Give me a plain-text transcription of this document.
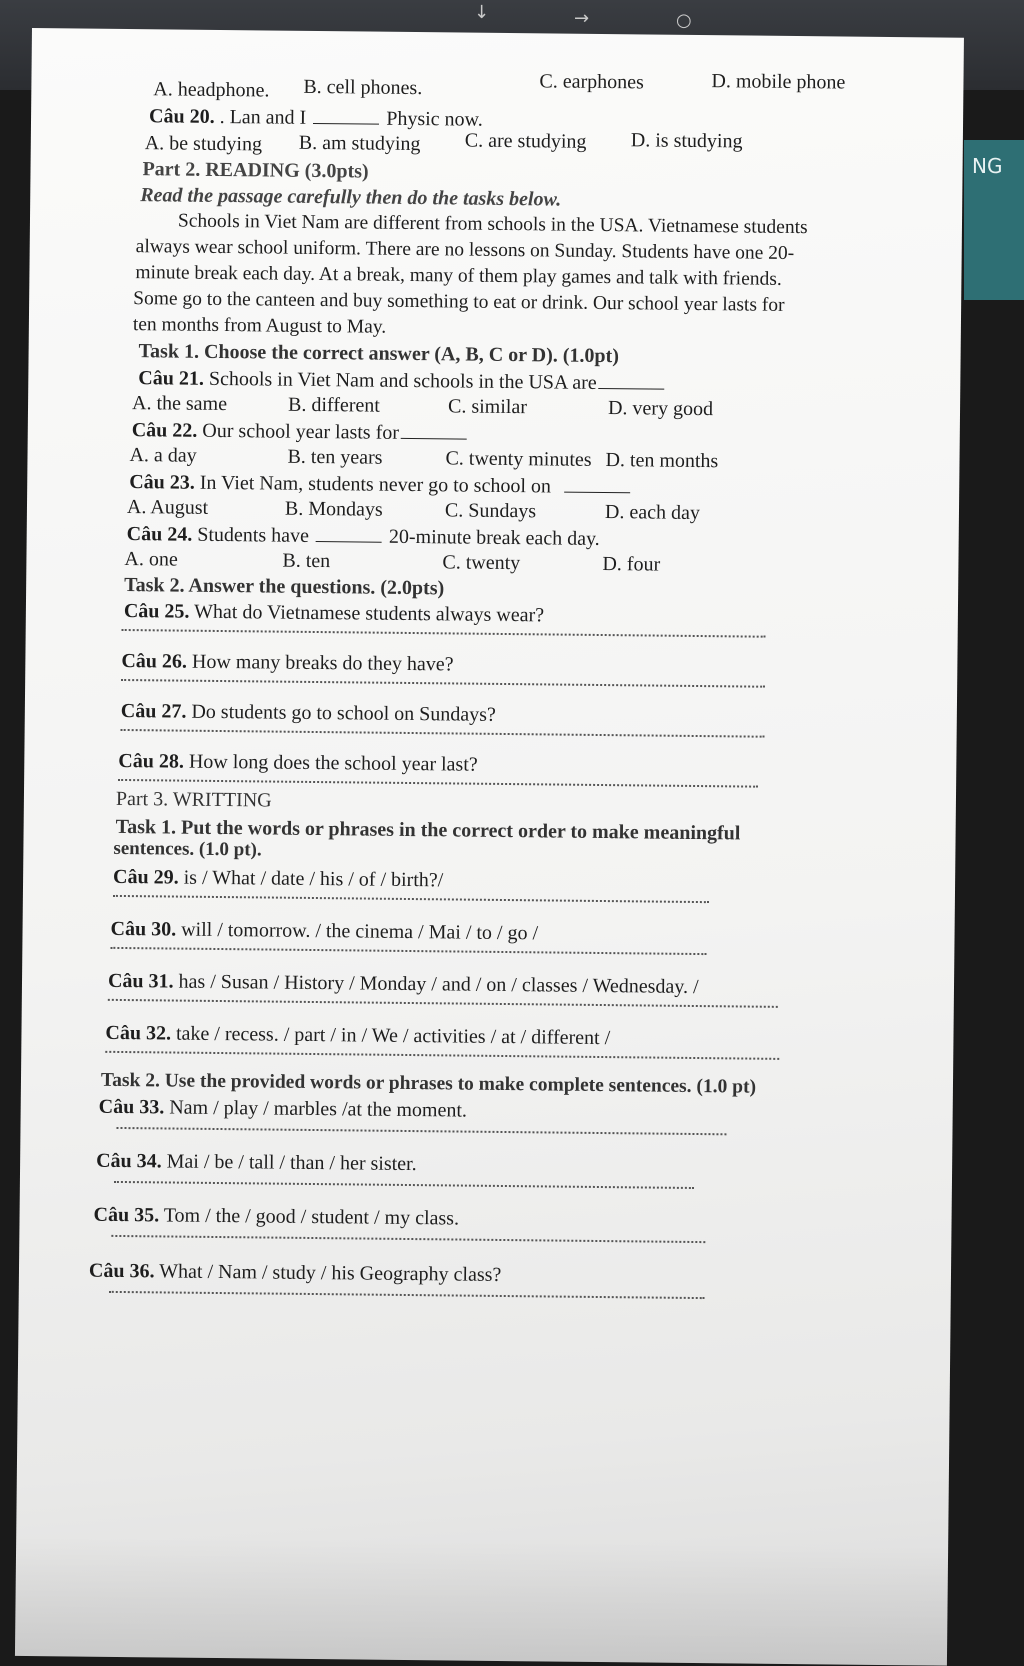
↓	→	○
NG
A. headphone. B. cell phones.	C. earphones	D. mobile phone
Câu 20. . Lan and I	Physic now.
A. be studying B. am studying C. are studying D. is studying
Part 2. READING (3.0pts)
Read the passage carefully then do the tasks below.
Schools in Viet Nam are different from schools in the USA. Vietnamese students
always wear school uniform. There are no lessons on Sunday. Students have one 20-
minute break each day. At a break, many of them play games and talk with friends.
Some go to the canteen and buy something to eat or drink. Our school year lasts for
ten months from August to May.
Task 1. Choose the correct answer (A, B, C or D). (1.0pt)
Câu 21. Schools in Viet Nam and schools in the USA are
A. the same	B. different	C. similar	D. very good
Câu 22. Our school year lasts for
A. a day	B. ten years	C. twenty minutes D. ten months
Câu 23. In Viet Nam, students never go to school on
A. August	B. Mondays	C. Sundays	D. each day
Câu 24. Students have	20-minute break each day.
A. one	B. ten	C. twenty	D. four
Task 2. Answer the questions. (2.0pts)
Câu 25. What do Vietnamese students always wear?
Câu 26. How many breaks do they have?
Câu 27. Do students go to school on Sundays?
Câu 28. How long does the school year last?
Part 3. WRITTING
Task 1. Put the words or phrases in the correct order to make meaningful
sentences. (1.0 pt).
Câu 29. is / What / date / his / of / birth?/
Câu 30. will / tomorrow. / the cinema / Mai / to / go /
Câu 31. has / Susan / History / Monday / and / on / classes / Wednesday. /
Câu 32. take / recess. / part / in / We / activities / at / different /
Task 2. Use the provided words or phrases to make complete sentences. (1.0 pt)
Câu 33. Nam / play / marbles /at the moment.
Câu 34. Mai / be / tall / than / her sister.
Câu 35. Tom / the / good / student / my class.
Câu 36. What / Nam / study / his Geography class?
